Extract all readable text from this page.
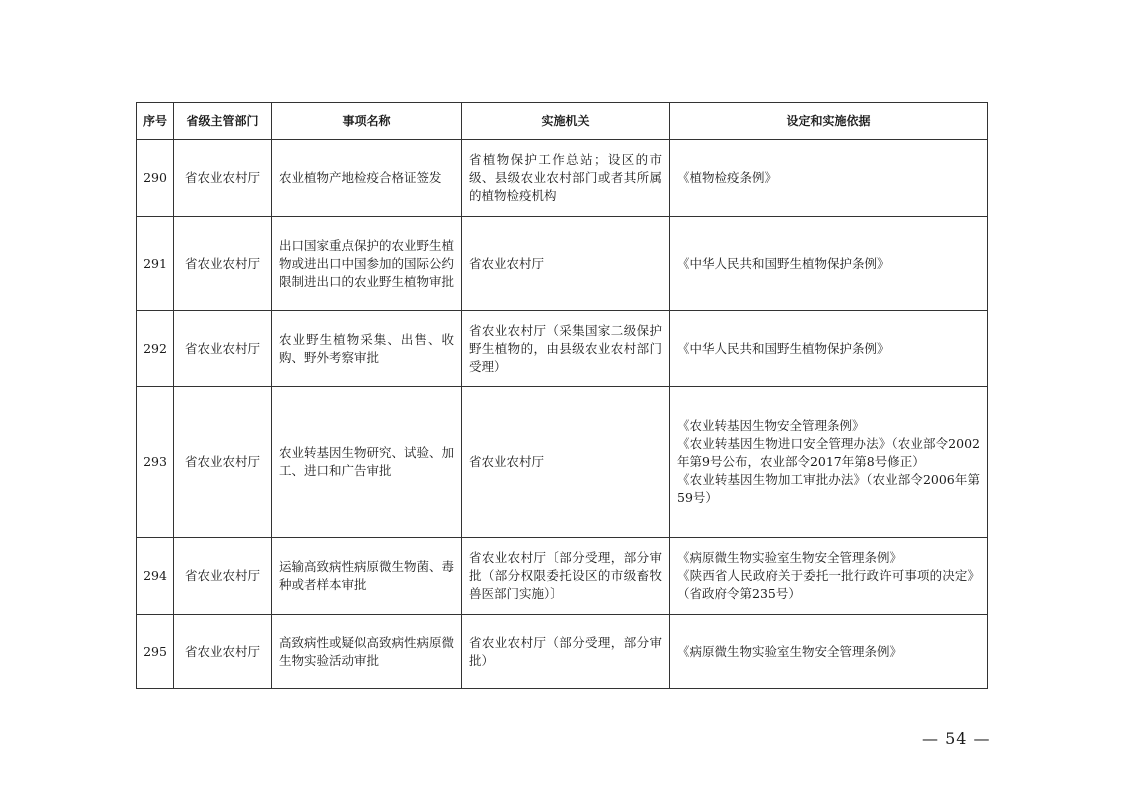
序号	省级主管部门	事项名称	实施机关	设定和实施依据
290	省农业农村厅	农业植物产地检疫合格证签发	省植物保护工作总站；设区的市级、县级农业农村部门或者其所属的植物检疫机构	《植物检疫条例》

291	省农业农村厅	出口国家重点保护的农业野生植物或进出口中国参加的国际公约限制进出口的农业野生植物审批	省农业农村厅	《中华人民共和国野生植物保护条例》

292	省农业农村厅	农业野生植物采集、出售、收购、野外考察审批	省农业农村厅（采集国家二级保护野生植物的，由县级农业农村部门受理）	《中华人民共和国野生植物保护条例》

293	省农业农村厅	农业转基因生物研究、试验、加工、进口和广告审批	省农业农村厅	《农业转基因生物安全管理条例》
《农业转基因生物进口安全管理办法》（农业部令2002年第9号公布，农业部令2017年第8号修正）
《农业转基因生物加工审批办法》（农业部令2006年第59号）

294	省农业农村厅	运输高致病性病原微生物菌、毒种或者样本审批	省农业农村厅〔部分受理，部分审批（部分权限委托设区的市级畜牧兽医部门实施）〕	《病原微生物实验室生物安全管理条例》
《陕西省人民政府关于委托一批行政许可事项的决定》（省政府令第235号）

295	省农业农村厅	高致病性或疑似高致病性病原微生物实验活动审批	省农业农村厅（部分受理，部分审批）	《病原微生物实验室生物安全管理条例》
— 54 —
